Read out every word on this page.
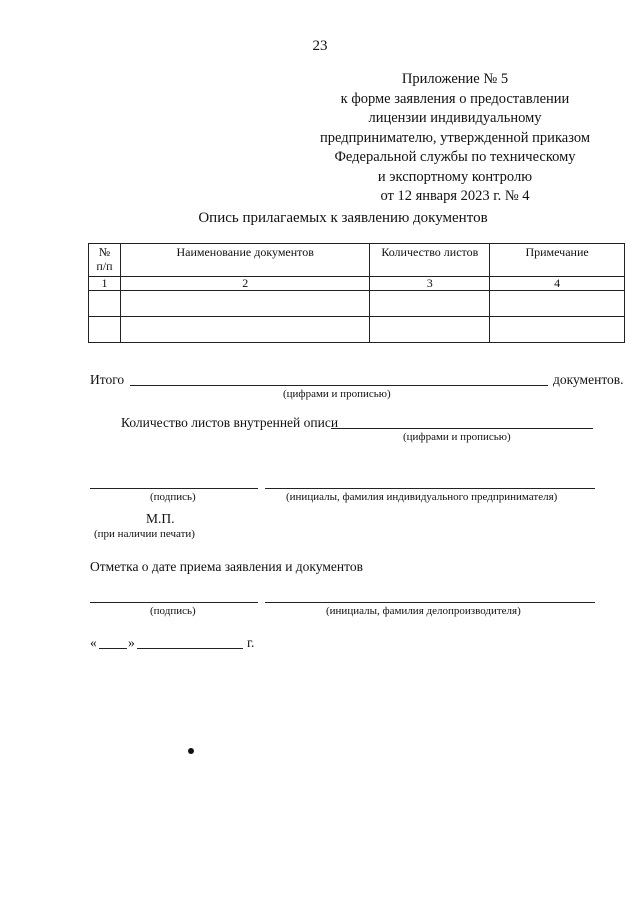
23
Приложение № 5
к форме заявления о предоставлении
лицензии индивидуальному
предпринимателю, утвержденной приказом
Федеральной службы по техническому
и экспортному контролю
от 12 января 2023 г. № 4
Опись прилагаемых к заявлению документов
№ п/п	Наименование документов	Количество листов	Примечание
1	2	3	4

Итого	документов.
(цифрами и прописью)
Количество листов внутренней описи
(цифрами и прописью)
(подпись)	(инициалы, фамилия индивидуального предпринимателя)
М.П.
(при наличии печати)
Отметка о дате приема заявления и документов
(подпись)	(инициалы, фамилия делопроизводителя)
« »	г.
